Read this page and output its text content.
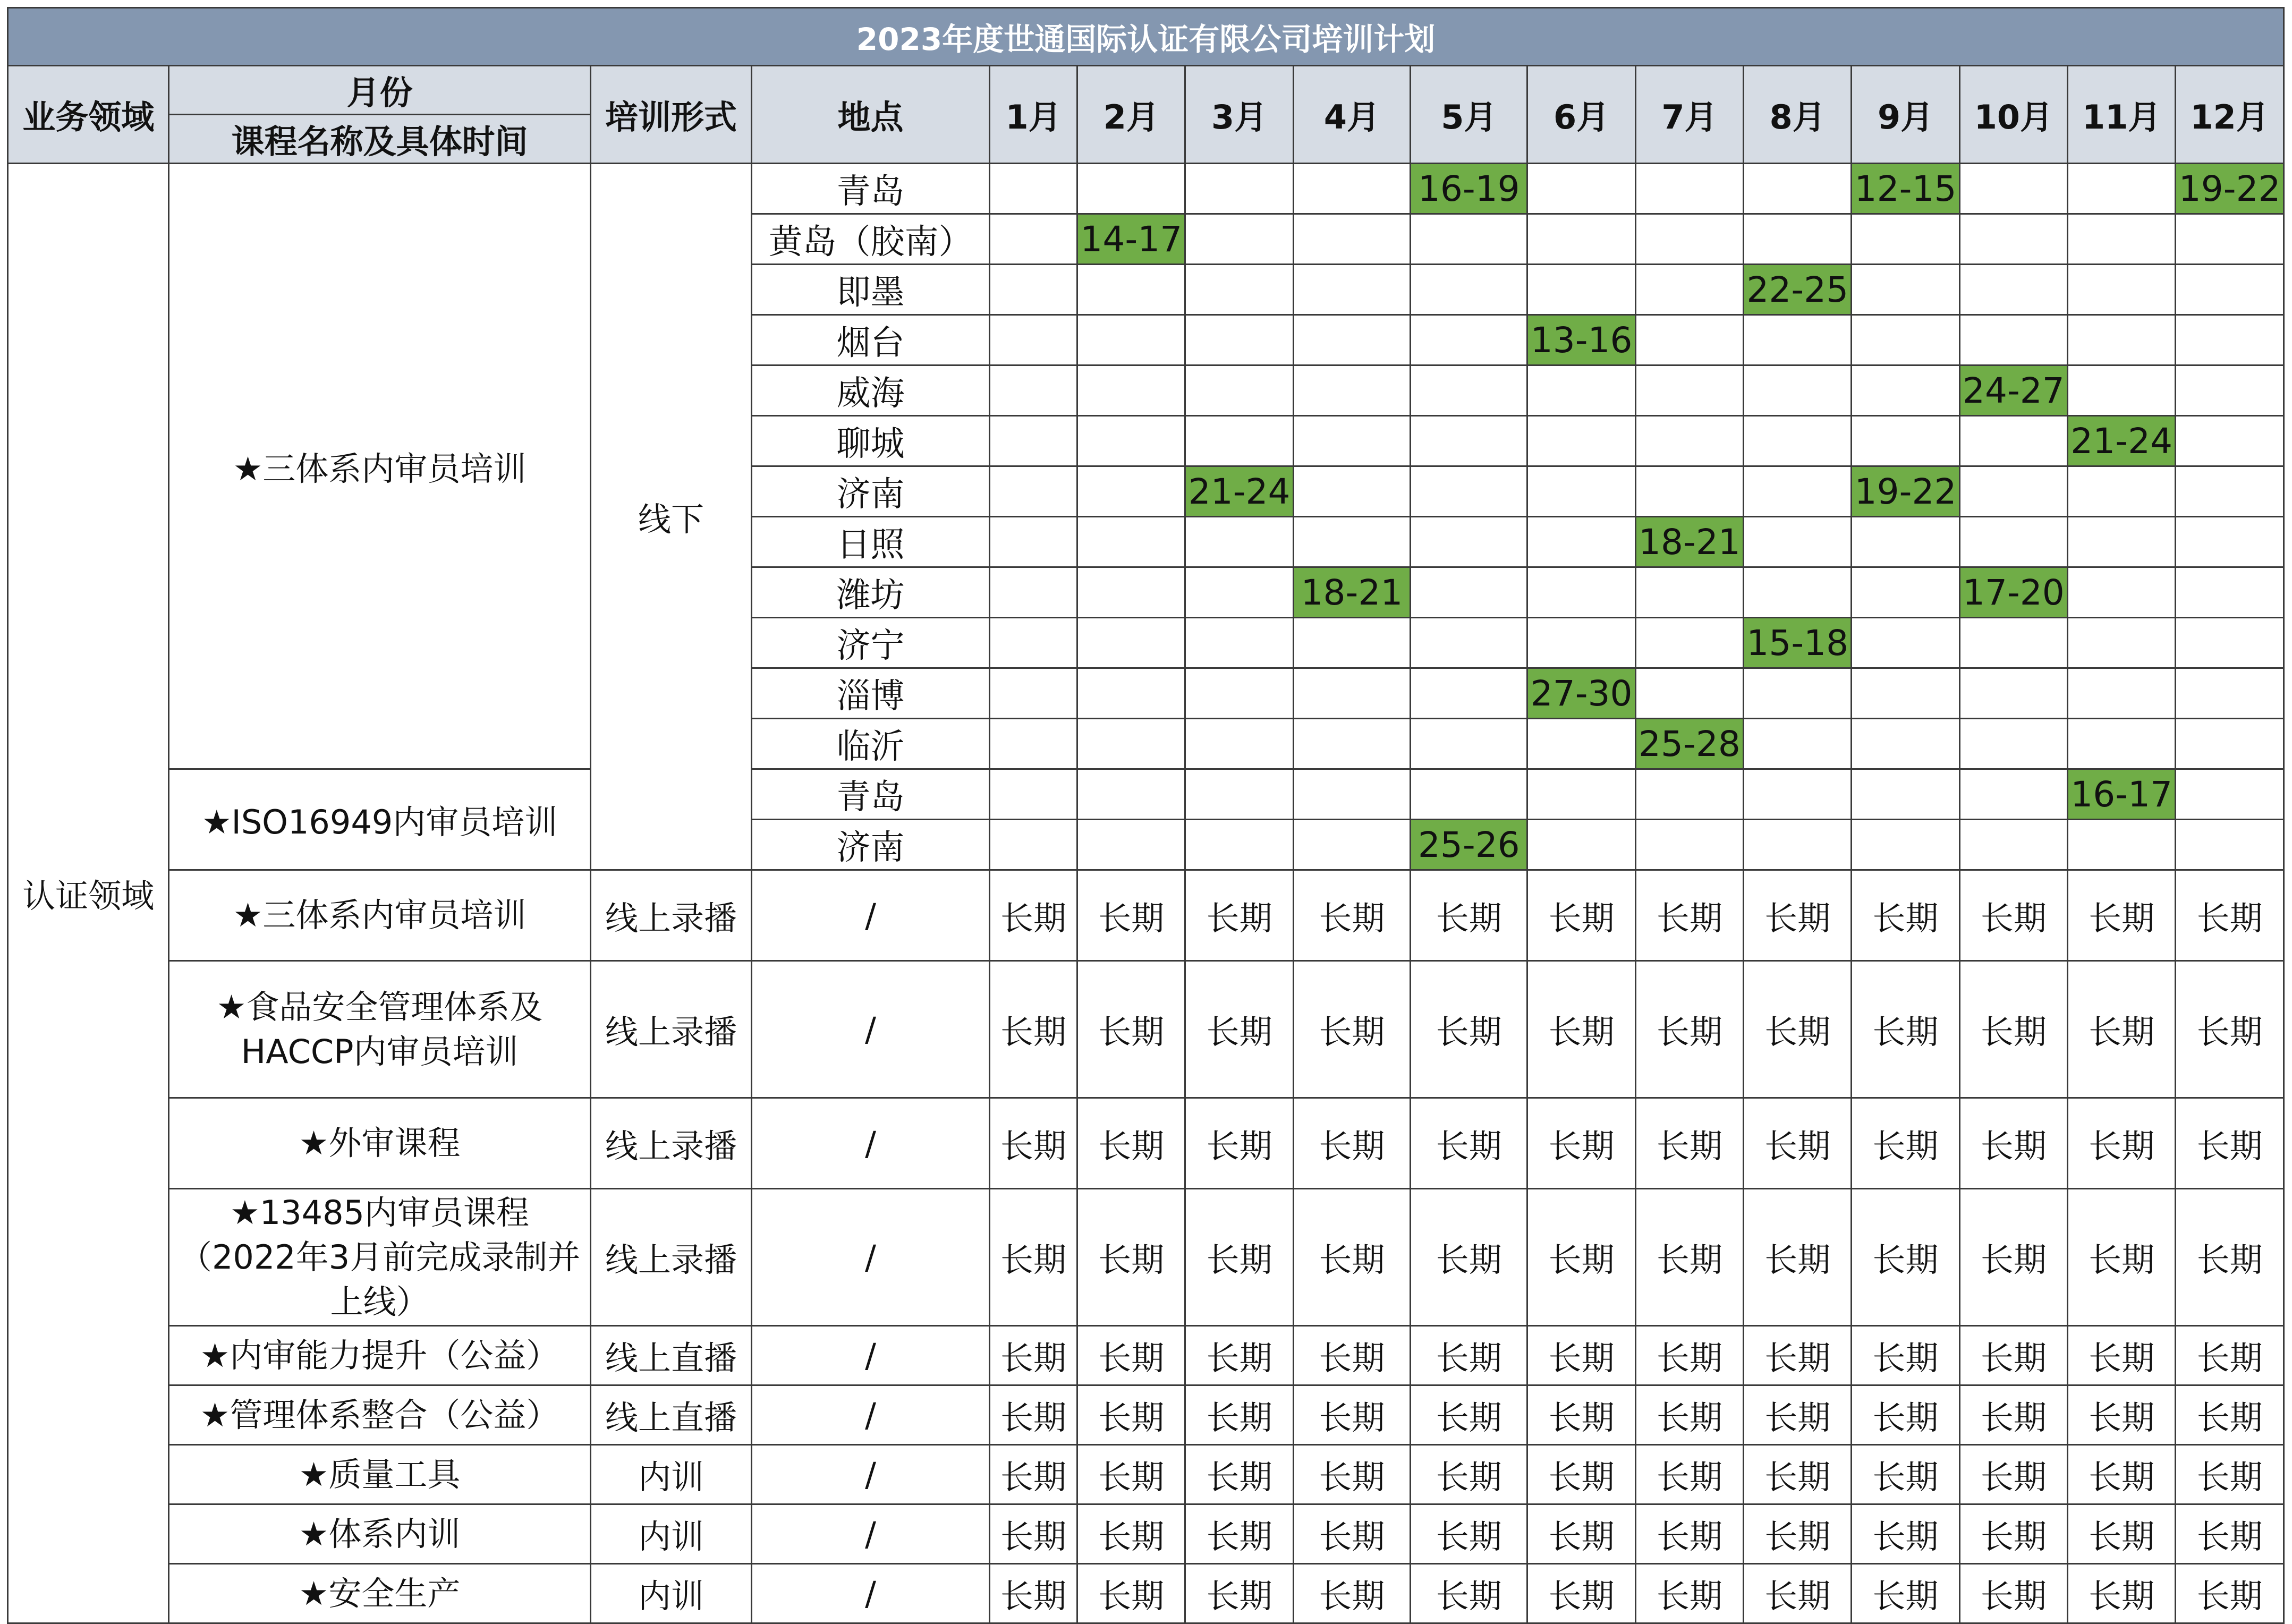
2023年度世通国际认证有限公司培训计划															
业务领域	月份	培训形式	地点	1月	2月	3月	4月	5月	6月	7月	8月	9月	10月	11月	12月
	课程名称及具体时间														
认证领域	★三体系内审员培训	线下	青岛					16-19				12-15			19-22
			黄岛（胶南）		14-17										
			即墨								22-25				
			烟台						13-16						
			威海										24-27		
			聊城											21-24	
			济南			21-24						19-22			
			日照							18-21					
			潍坊				18-21						17-20		
			济宁								15-18				
			淄博						27-30						
			临沂							25-28					
	★ISO16949内审员培训		青岛											16-17	
			济南					25-26							
	★三体系内审员培训	线上录播	/	长期	长期	长期	长期	长期	长期	长期	长期	长期	长期	长期	长期
	★食品安全管理体系及HACCP内审员培训	线上录播	/	长期	长期	长期	长期	长期	长期	长期	长期	长期	长期	长期	长期
	★外审课程	线上录播	/	长期	长期	长期	长期	长期	长期	长期	长期	长期	长期	长期	长期
	★13485内审员课程（2022年3月前完成录制并上线）	线上录播	/	长期	长期	长期	长期	长期	长期	长期	长期	长期	长期	长期	长期
	★内审能力提升（公益）	线上直播	/	长期	长期	长期	长期	长期	长期	长期	长期	长期	长期	长期	长期
	★管理体系整合（公益）	线上直播	/	长期	长期	长期	长期	长期	长期	长期	长期	长期	长期	长期	长期
	★质量工具	内训	/	长期	长期	长期	长期	长期	长期	长期	长期	长期	长期	长期	长期
	★体系内训	内训	/	长期	长期	长期	长期	长期	长期	长期	长期	长期	长期	长期	长期
	★安全生产	内训	/	长期	长期	长期	长期	长期	长期	长期	长期	长期	长期	长期	长期
